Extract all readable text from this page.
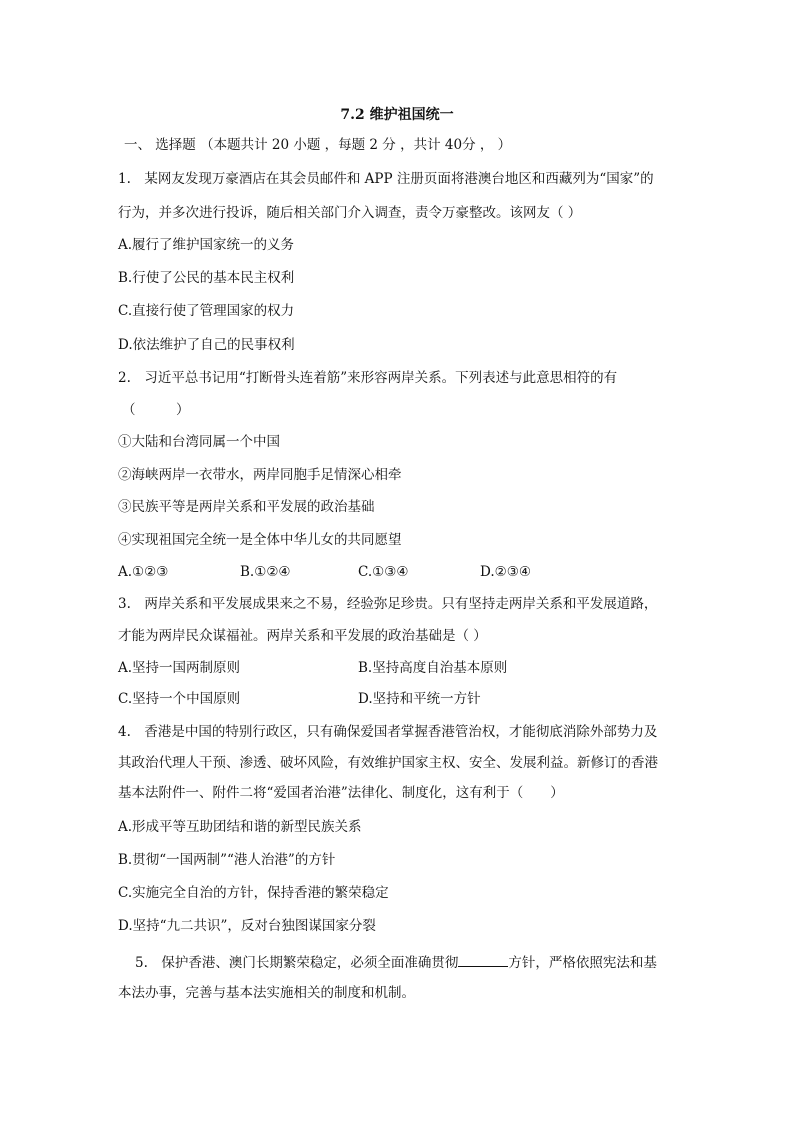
7.2 维护祖国统一
一、 选择题 （本题共计 20 小题 ，每题 2 分 ，共计 40分 ， ）
1.　某网友发现万豪酒店在其会员邮件和 APP 注册页面将港澳台地区和西藏列为“国家”的
行为，并多次进行投诉，随后相关部门介入调查，责令万豪整改。该网友（ ）
A.履行了维护国家统一的义务
B.行使了公民的基本民主权利
C.直接行使了管理国家的权力
D.依法维护了自己的民事权利
2.　习近平总书记用“打断骨头连着筋”来形容两岸关系。下列表述与此意思相符的有
（　　　）
①大陆和台湾同属一个中国
②海峡两岸一衣带水，两岸同胞手足情深心相牵
③民族平等是两岸关系和平发展的政治基础
④实现祖国完全统一是全体中华儿女的共同愿望
A.①②③	B.①②④	C.①③④	D.②③④
3.　两岸关系和平发展成果来之不易，经验弥足珍贵。只有坚持走两岸关系和平发展道路，
才能为两岸民众谋福祉。两岸关系和平发展的政治基础是（ ）
A.坚持一国两制原则	B.坚持高度自治基本原则
C.坚持一个中国原则	D.坚持和平统一方针
4.　香港是中国的特别行政区，只有确保爱国者掌握香港管治权，才能彻底消除外部势力及
其政治代理人干预、渗透、破坏风险，有效维护国家主权、安全、发展利益。新修订的香港
基本法附件一、附件二将“爱国者治港”法律化、制度化，这有利于（　　）
A.形成平等互助团结和谐的新型民族关系
B.贯彻“一国两制”“港人治港”的方针
C.实施完全自治的方针，保持香港的繁荣稳定
D.坚持“九二共识”，反对台独图谋国家分裂
5.　保护香港、澳门长期繁荣稳定，必须全面准确贯彻	方针，严格依照宪法和基
本法办事，完善与基本法实施相关的制度和机制。
